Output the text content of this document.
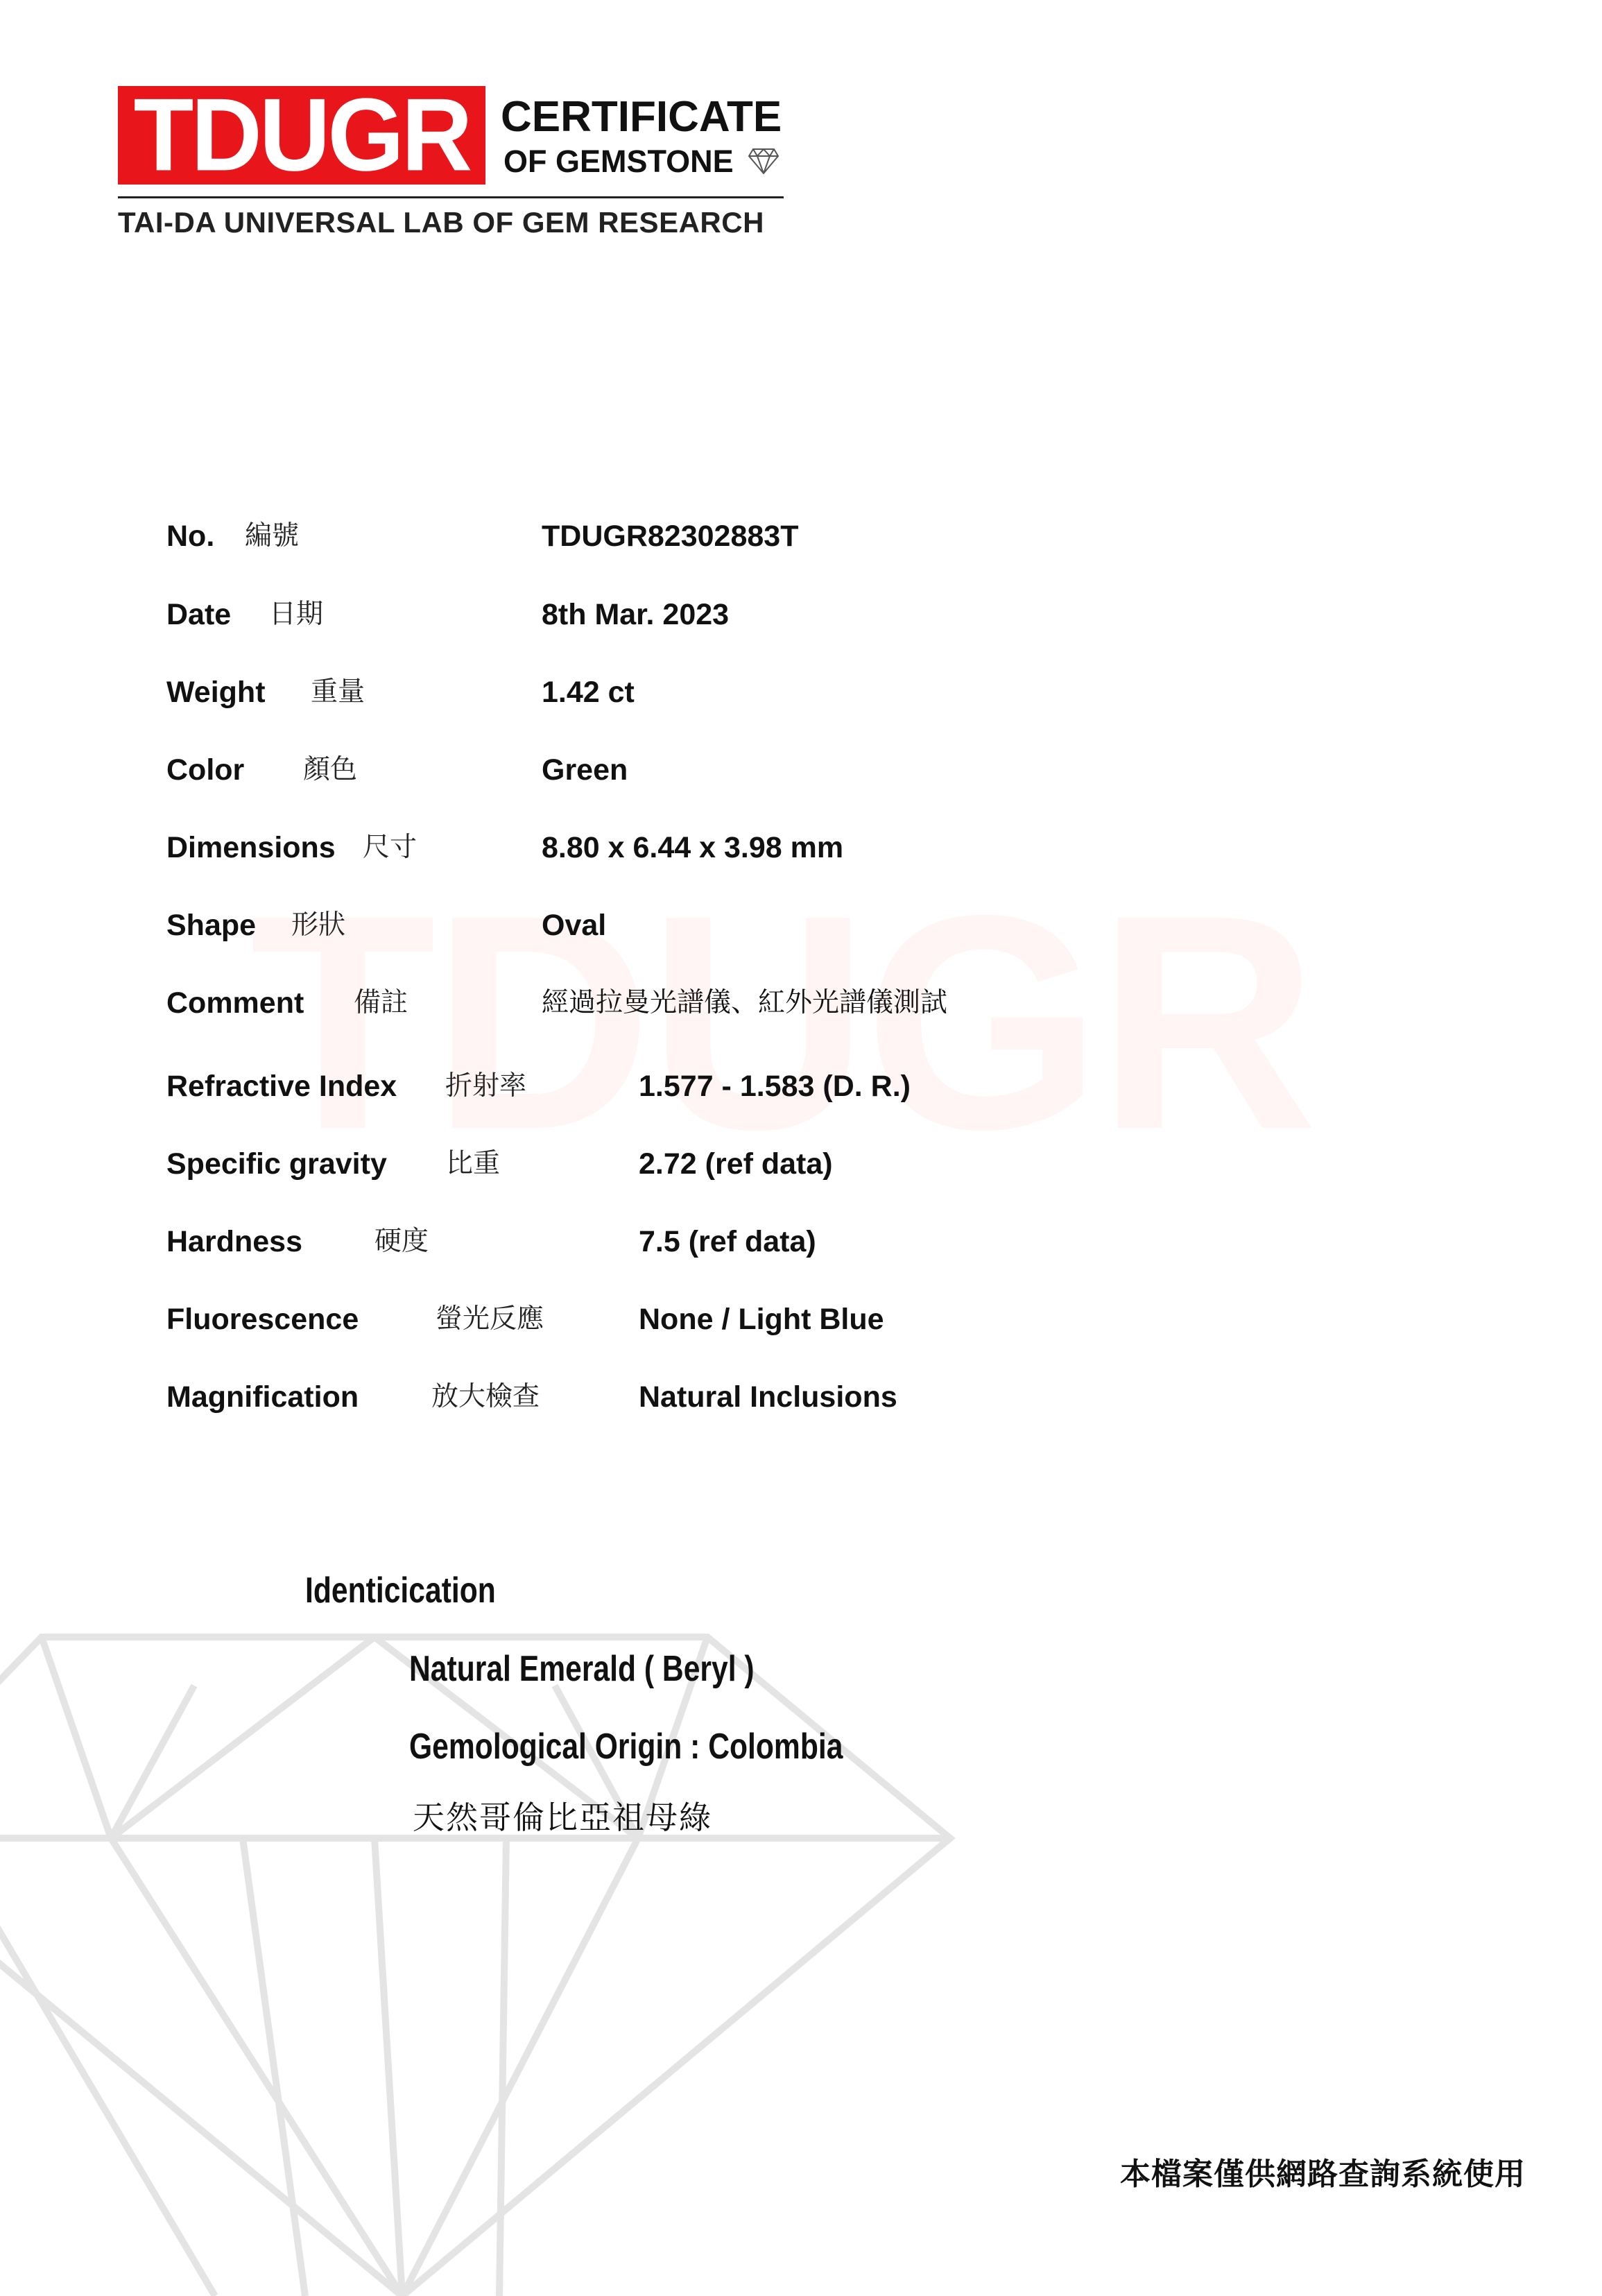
TDUGR CERTIFICATE
OF GEMSTONE
TAI-DA UNIVERSAL LAB OF GEM RESEARCH
No. 編號	TDUGR82302883T
Date 日期	8th Mar. 2023
Weight 重量	1.42 ct
Color 顏色	Green
Dimensions 尺寸	8.80 x 6.44 x 3.98 mm
Shape 形狀	Oval
Comment 備註	經過拉曼光譜儀、紅外光譜儀測試
Refractive Index 折射率	1.577 - 1.583 (D. R.)
Specific gravity 比重	2.72 (ref data)
Hardness	硬度	7.5 (ref data)
Fluorescence	螢光反應	None / Light Blue
Magnification	放大檢查	Natural Inclusions
Identicication
Natural Emerald ( Beryl )
Gemological Origin : Colombia
天然哥倫比亞祖母綠
本檔案僅供網路查詢系統使用
